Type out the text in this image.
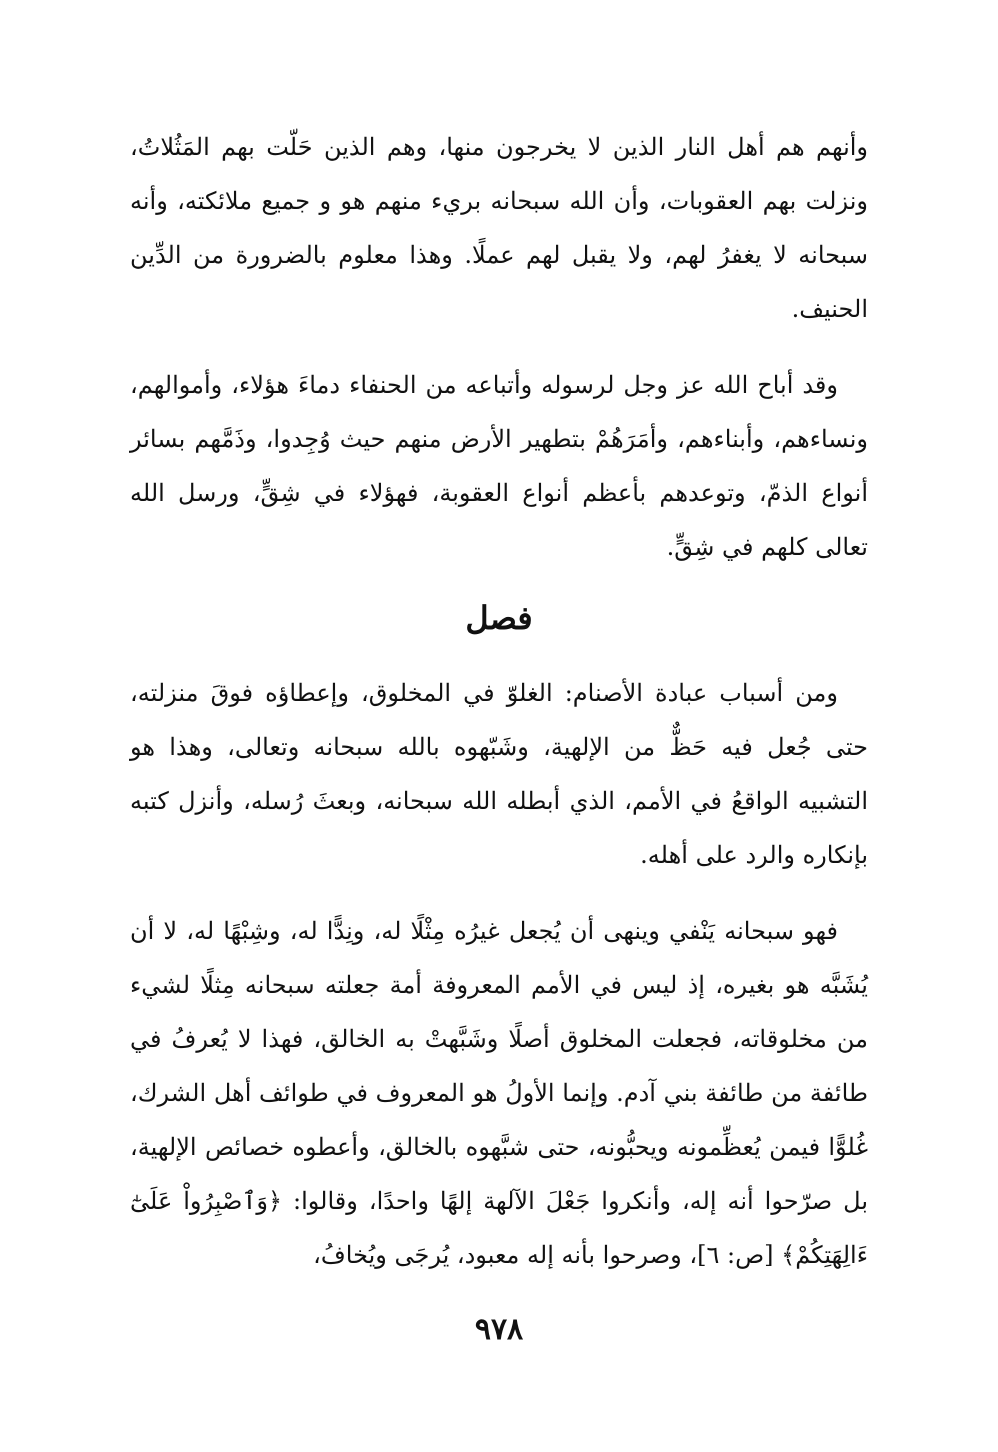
وأنهم هم أهل النار الذين لا يخرجون منها، وهم الذين حَلّت بهم المَثُلاتُ، ونزلت بهم العقوبات، وأن الله سبحانه بريء منهم هو و جميع ملائكته، وأنه سبحانه لا يغفرُ لهم، ولا يقبل لهم عملًا. وهذا معلوم بالضرورة من الدِّين الحنيف.

وقد أباح الله عز وجل لرسوله وأتباعه من الحنفاء دماءَ هؤلاء، وأموالهم، ونساءهم، وأبناءهم، وأمَرَهُمْ بتطهير الأرض منهم حيث وُجِدوا، وذَمَّهم بسائر أنواع الذمّ، وتوعدهم بأعظم أنواع العقوبة، فهؤلاء في شِقٍّ، ورسل الله تعالى كلهم في شِقٍّ.

فصل

ومن أسباب عبادة الأصنام: الغلوّ في المخلوق، وإعطاؤه فوقَ منزلته، حتى جُعل فيه حَظٌّ من الإلهية، وشَبّهوه بالله سبحانه وتعالى، وهذا هو التشبيه الواقعُ في الأمم، الذي أبطله الله سبحانه، وبعثَ رُسله، وأنزل كتبه بإنكاره والرد على أهله.

فهو سبحانه يَنْفي وينهى أن يُجعل غيرُه مِثْلًا له، ونِدًّا له، وشِبْهًا له، لا أن يُشَبَّه هو بغيره، إذ ليس في الأمم المعروفة أمة جعلته سبحانه مِثلًا لشيء من مخلوقاته، فجعلت المخلوق أصلًا وشَبَّهتْ به الخالق، فهذا لا يُعرفُ في طائفة من طائفة بني آدم. وإنما الأولُ هو المعروف في طوائف أهل الشرك، غُلوًّا فيمن يُعظِّمونه ويحبُّونه، حتى شبَّهوه بالخالق، وأعطوه خصائص الإلهية، بل صرّحوا أنه إله، وأنكروا جَعْلَ الآلهة إلهًا واحدًا، وقالوا: ﴿وَٱصْبِرُواْ عَلَىٰٓ ءَالِهَتِكُمْ﴾ [ص: ٦]، وصرحوا بأنه إله معبود، يُرجَى ويُخافُ،

٩٧٨
